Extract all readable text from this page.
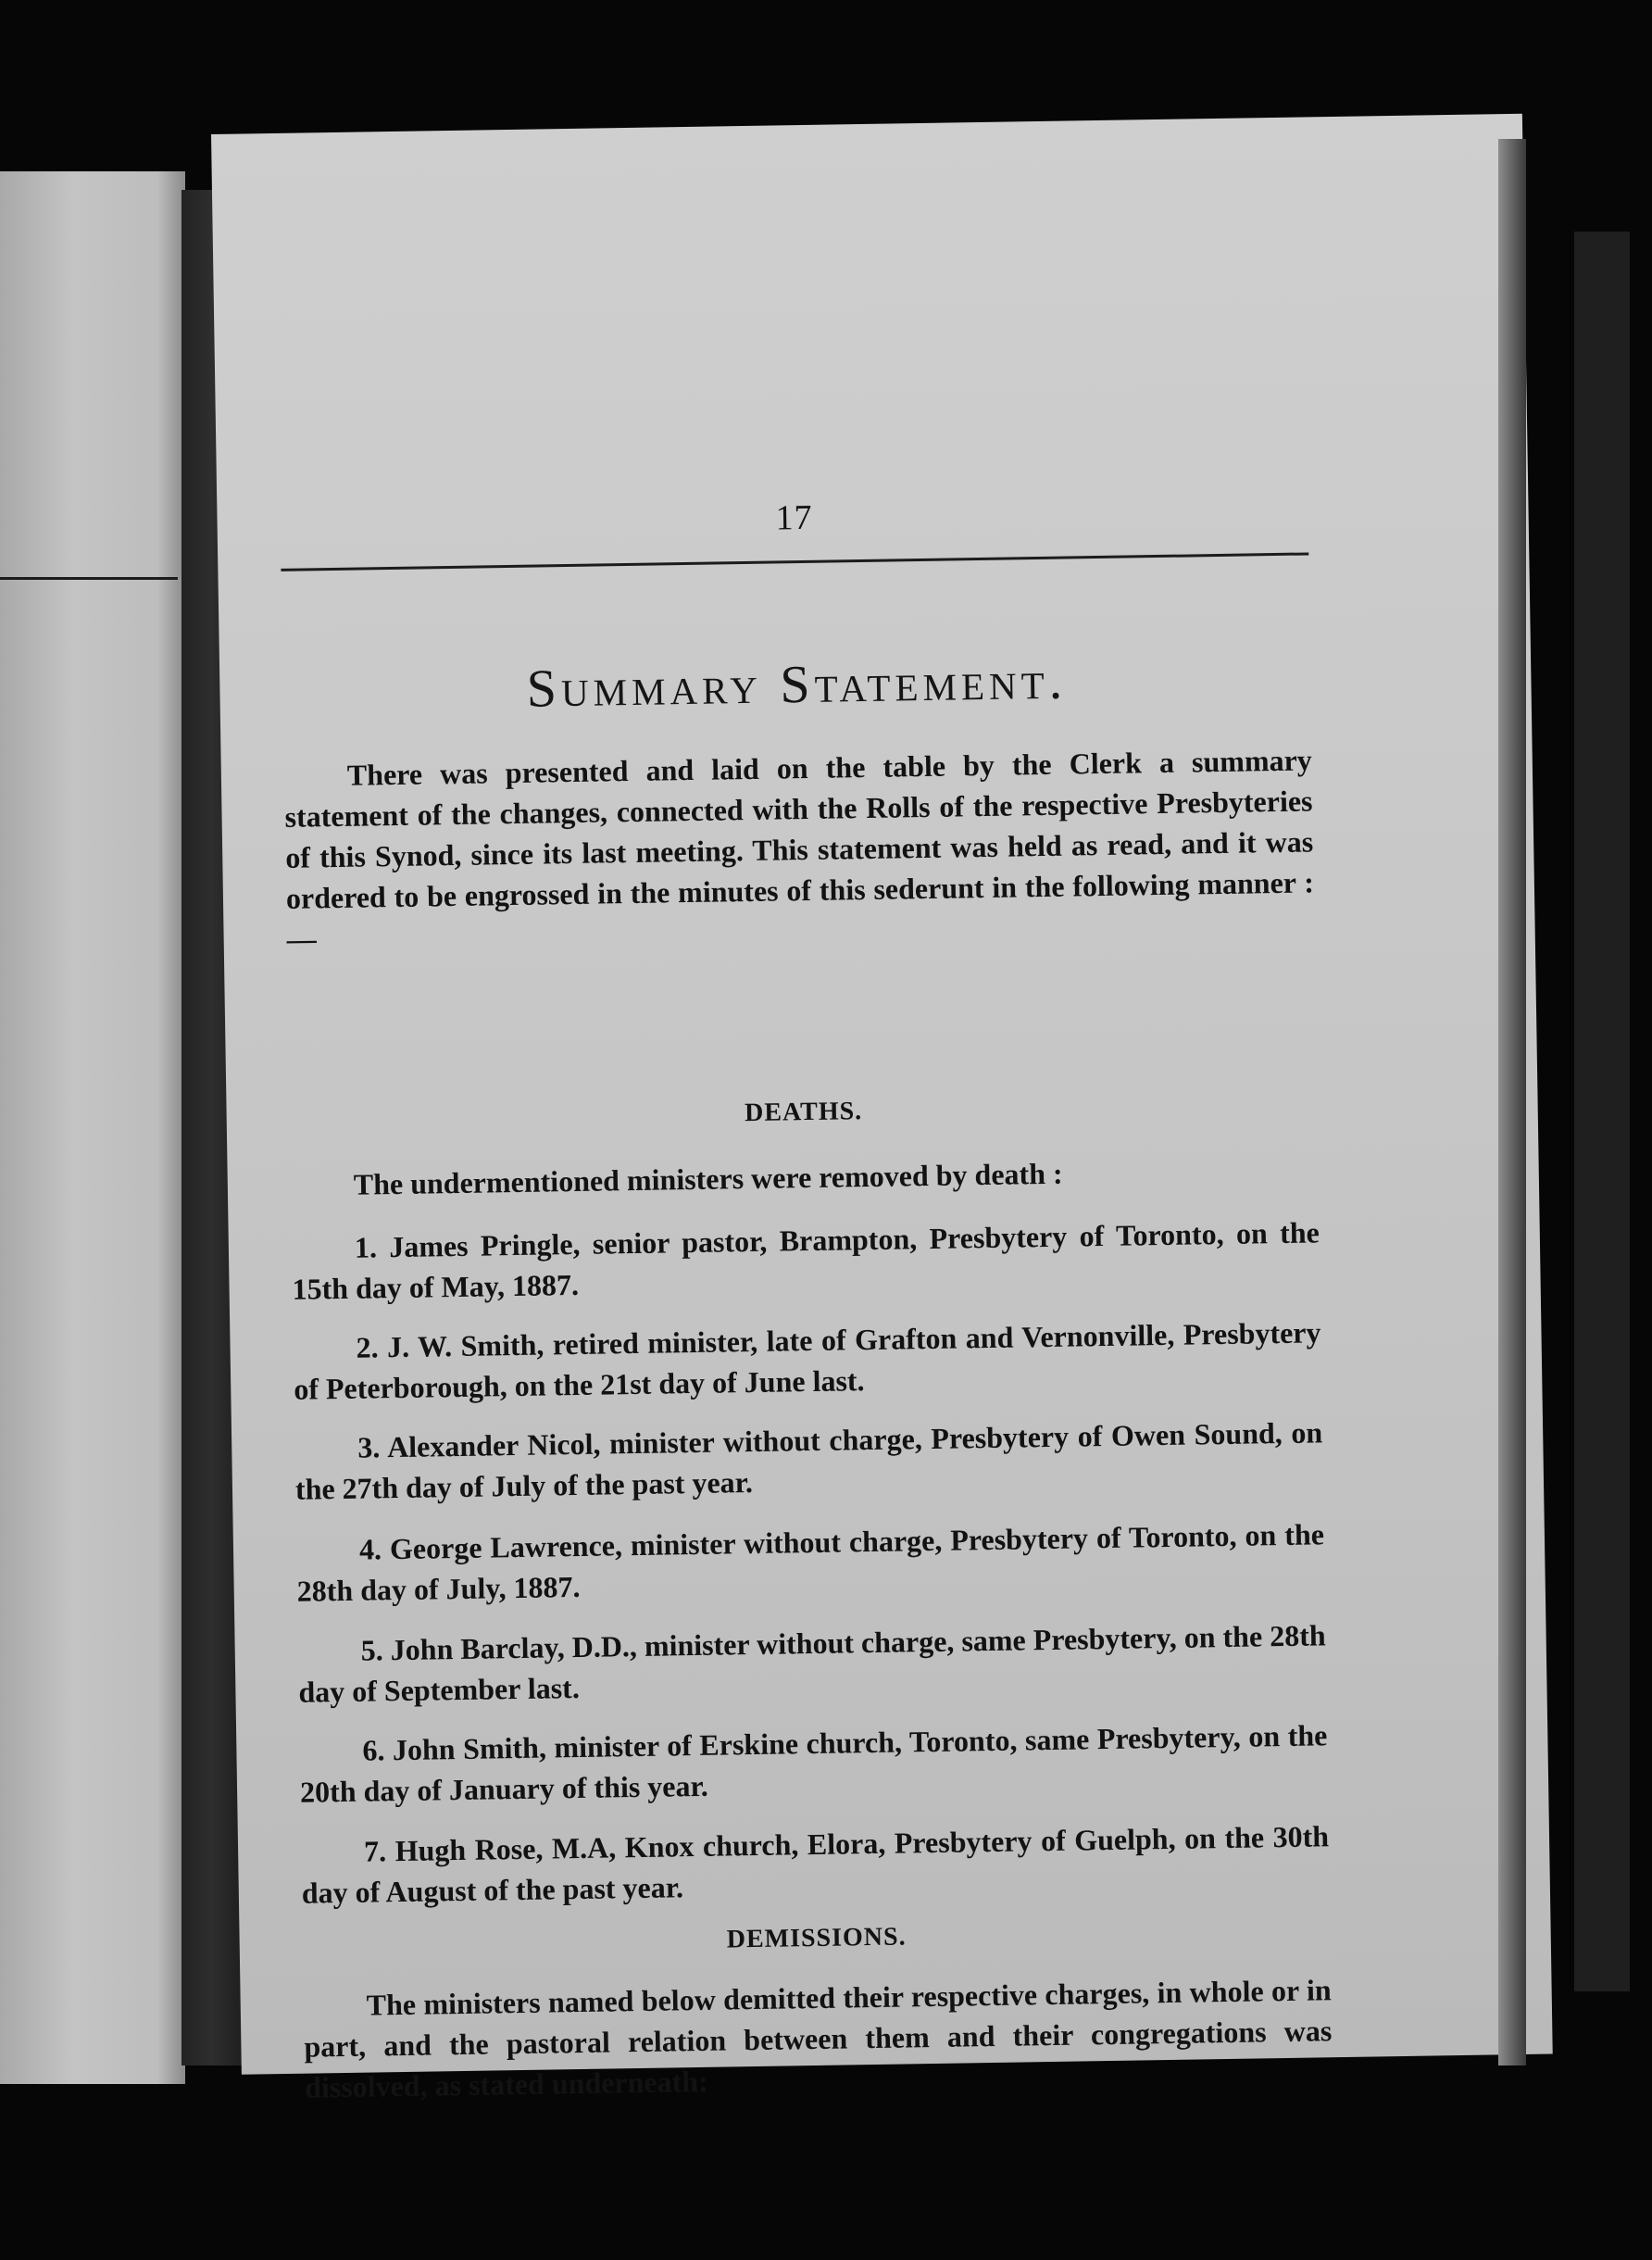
17
Summary Statement.
There was presented and laid on the table by the Clerk a summary statement of the changes, connected with the Rolls of the respective Presbyteries of this Synod, since its last meeting. This statement was held as read, and it was ordered to be engrossed in the minutes of this sederunt in the following manner :—
DEATHS.
The undermentioned ministers were removed by death :
1. James Pringle, senior pastor, Brampton, Presbytery of Toronto, on the 15th day of May, 1887.
2. J. W. Smith, retired minister, late of Grafton and Vernonville, Presbytery of Peterborough, on the 21st day of June last.
3. Alexander Nicol, minister without charge, Presbytery of Owen Sound, on the 27th day of July of the past year.
4. George Lawrence, minister without charge, Presbytery of Toronto, on the 28th day of July, 1887.
5. John Barclay, D.D., minister without charge, same Presbytery, on the 28th day of September last.
6. John Smith, minister of Erskine church, Toronto, same Presbytery, on the 20th day of January of this year.
7. Hugh Rose, M.A, Knox church, Elora, Presbytery of Guelph, on the 30th day of August of the past year.
DEMISSIONS.
The ministers named below demitted their respective charges, in whole or in part, and the pastoral relation between them and their congregations was dissolved, as stated underneath:
